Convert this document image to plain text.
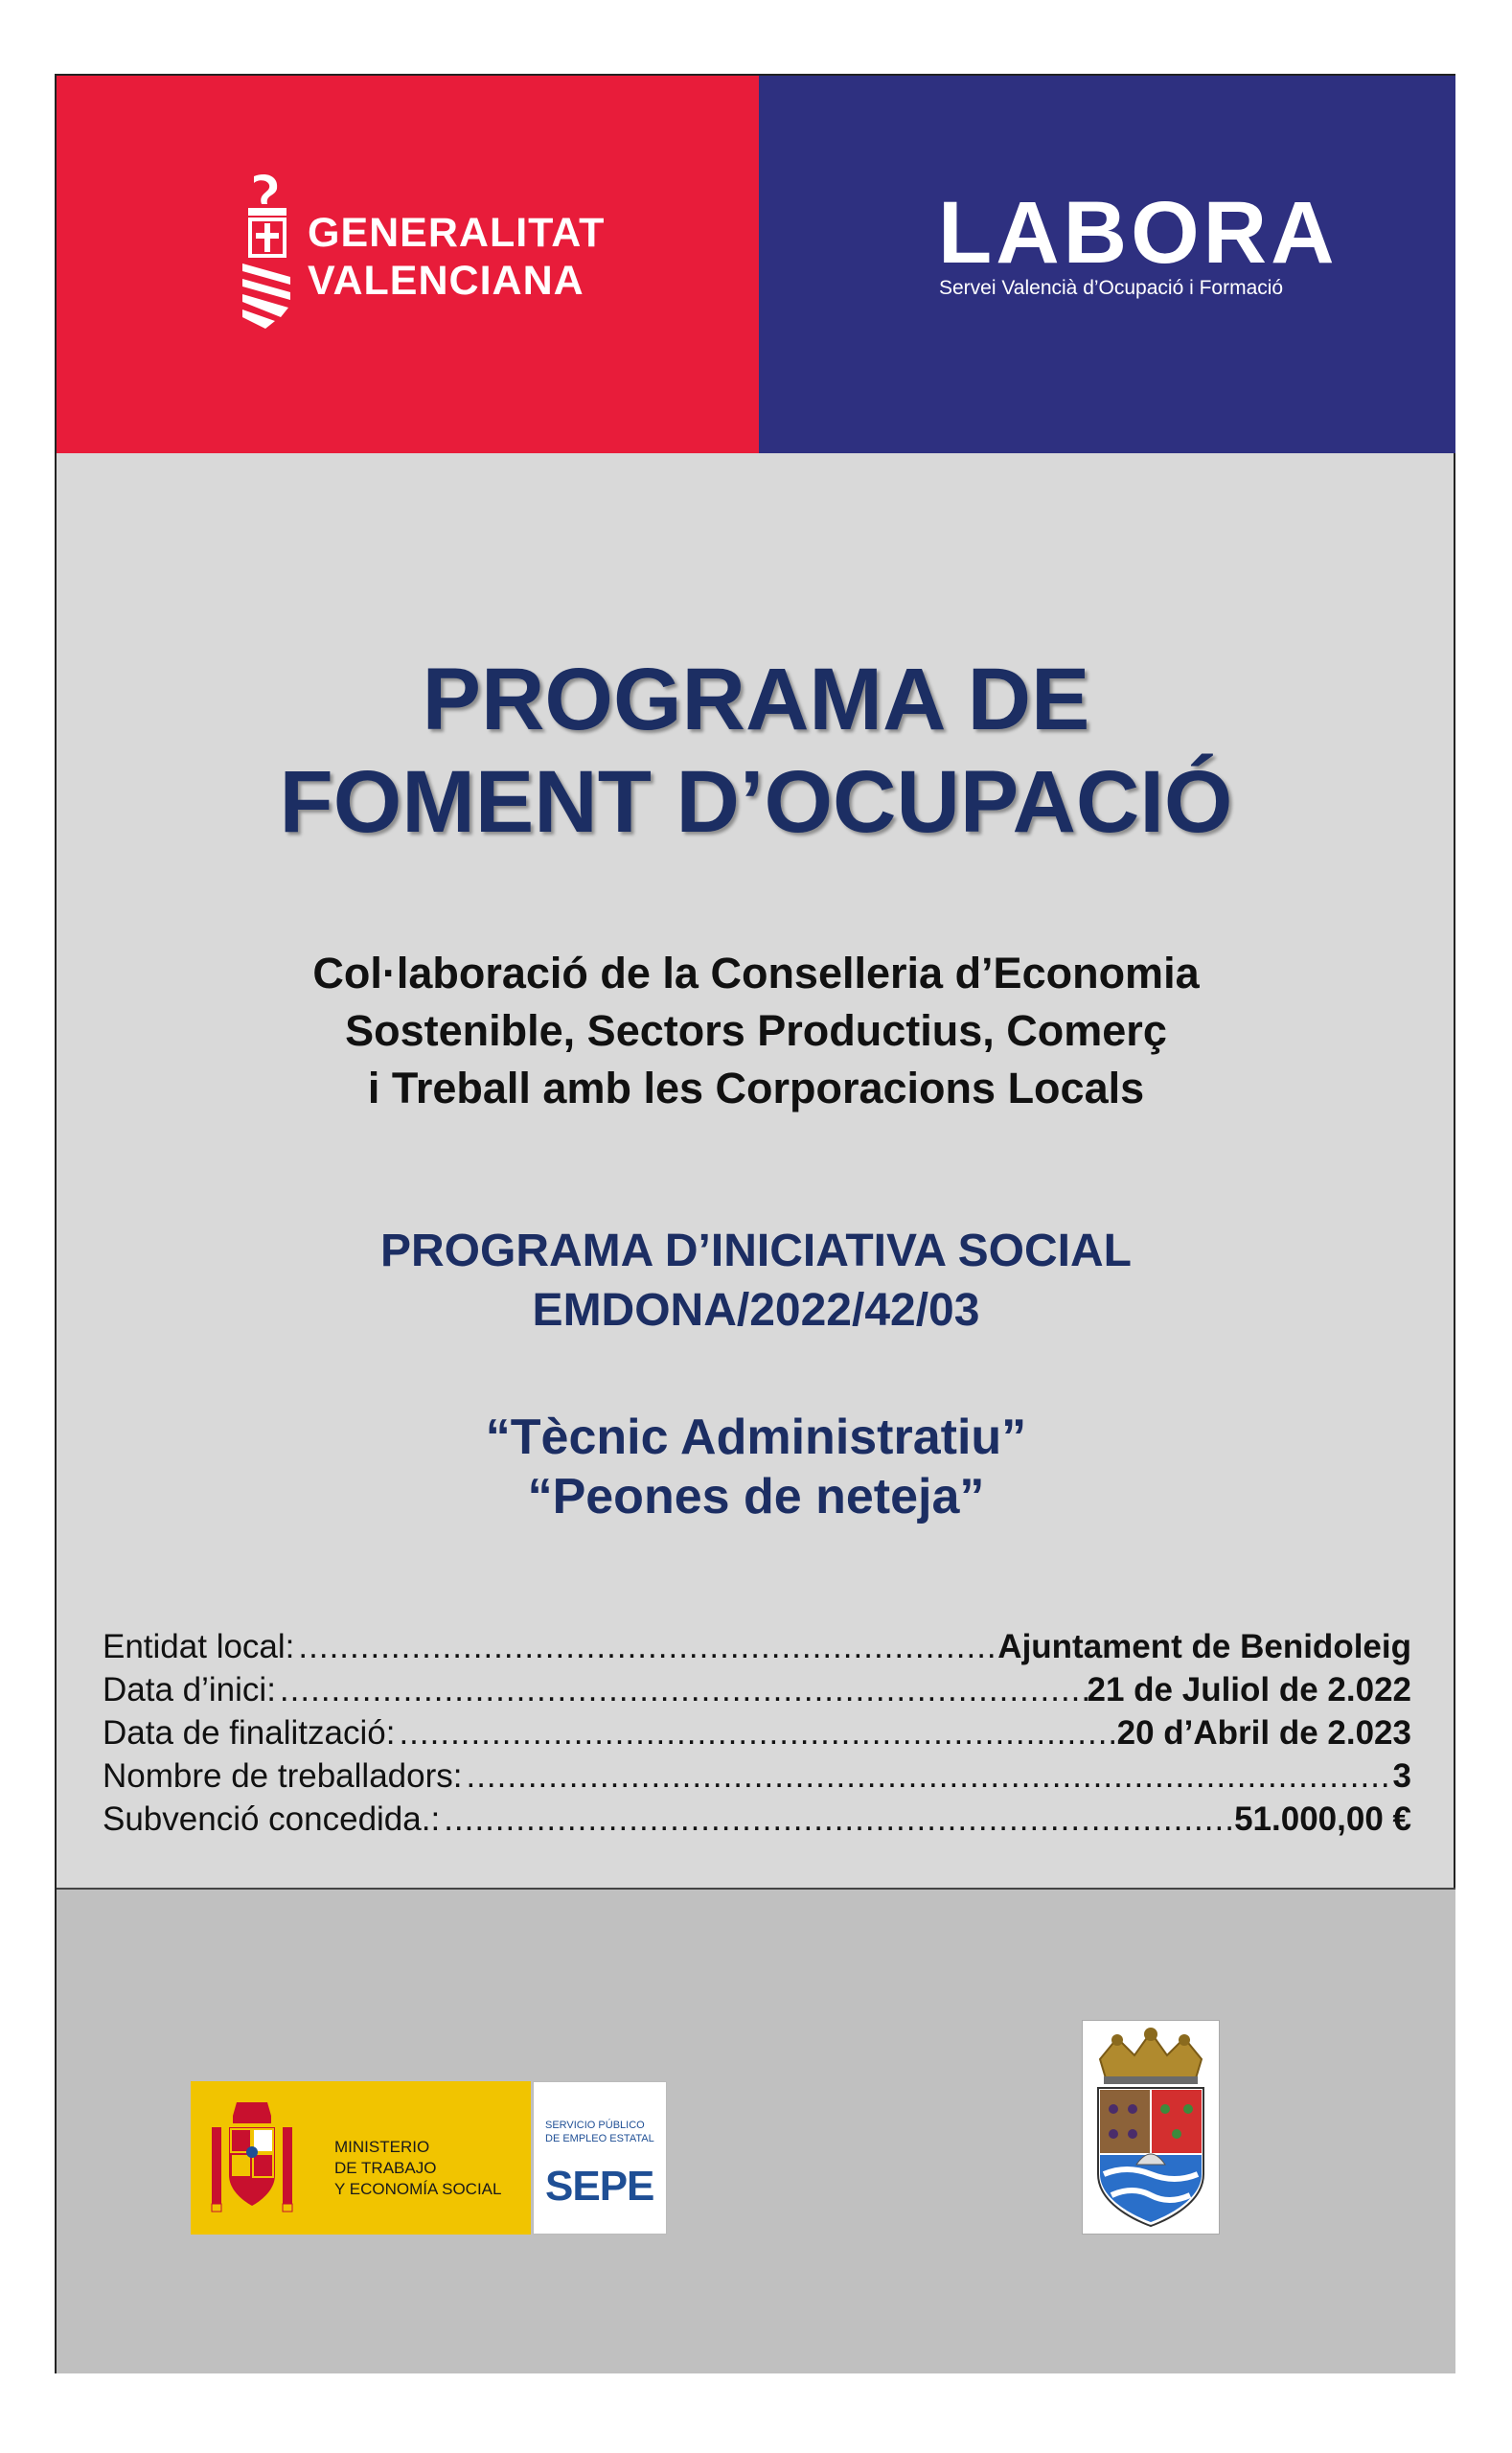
GENERALITAT
VALENCIANA	LABORA
Servei Valencià d’Ocupació i Formació
PROGRAMA DE
FOMENT D’OCUPACIÓ
Col·laboració de la Conselleria d’Economia
Sostenible, Sectors Productius, Comerç
i Treball amb les Corporacions Locals
PROGRAMA D’INICIATIVA SOCIAL
EMDONA/2022/42/03
“Tècnic Administratiu”
“Peones de neteja”
Entidat local: .....	Ajuntament de Benidoleig
Data d’inici: .....	21 de Juliol de 2.022
Data de finalització: .....	20 d’Abril de 2.023
Nombre de treballadors: .....	3
Subvenció concedida.: .....	51.000,00 €
MINISTERIO
DE TRABAJO
Y ECONOMÍA SOCIAL
SERVICIO PÚBLICO
DE EMPLEO ESTATAL
SEPE
